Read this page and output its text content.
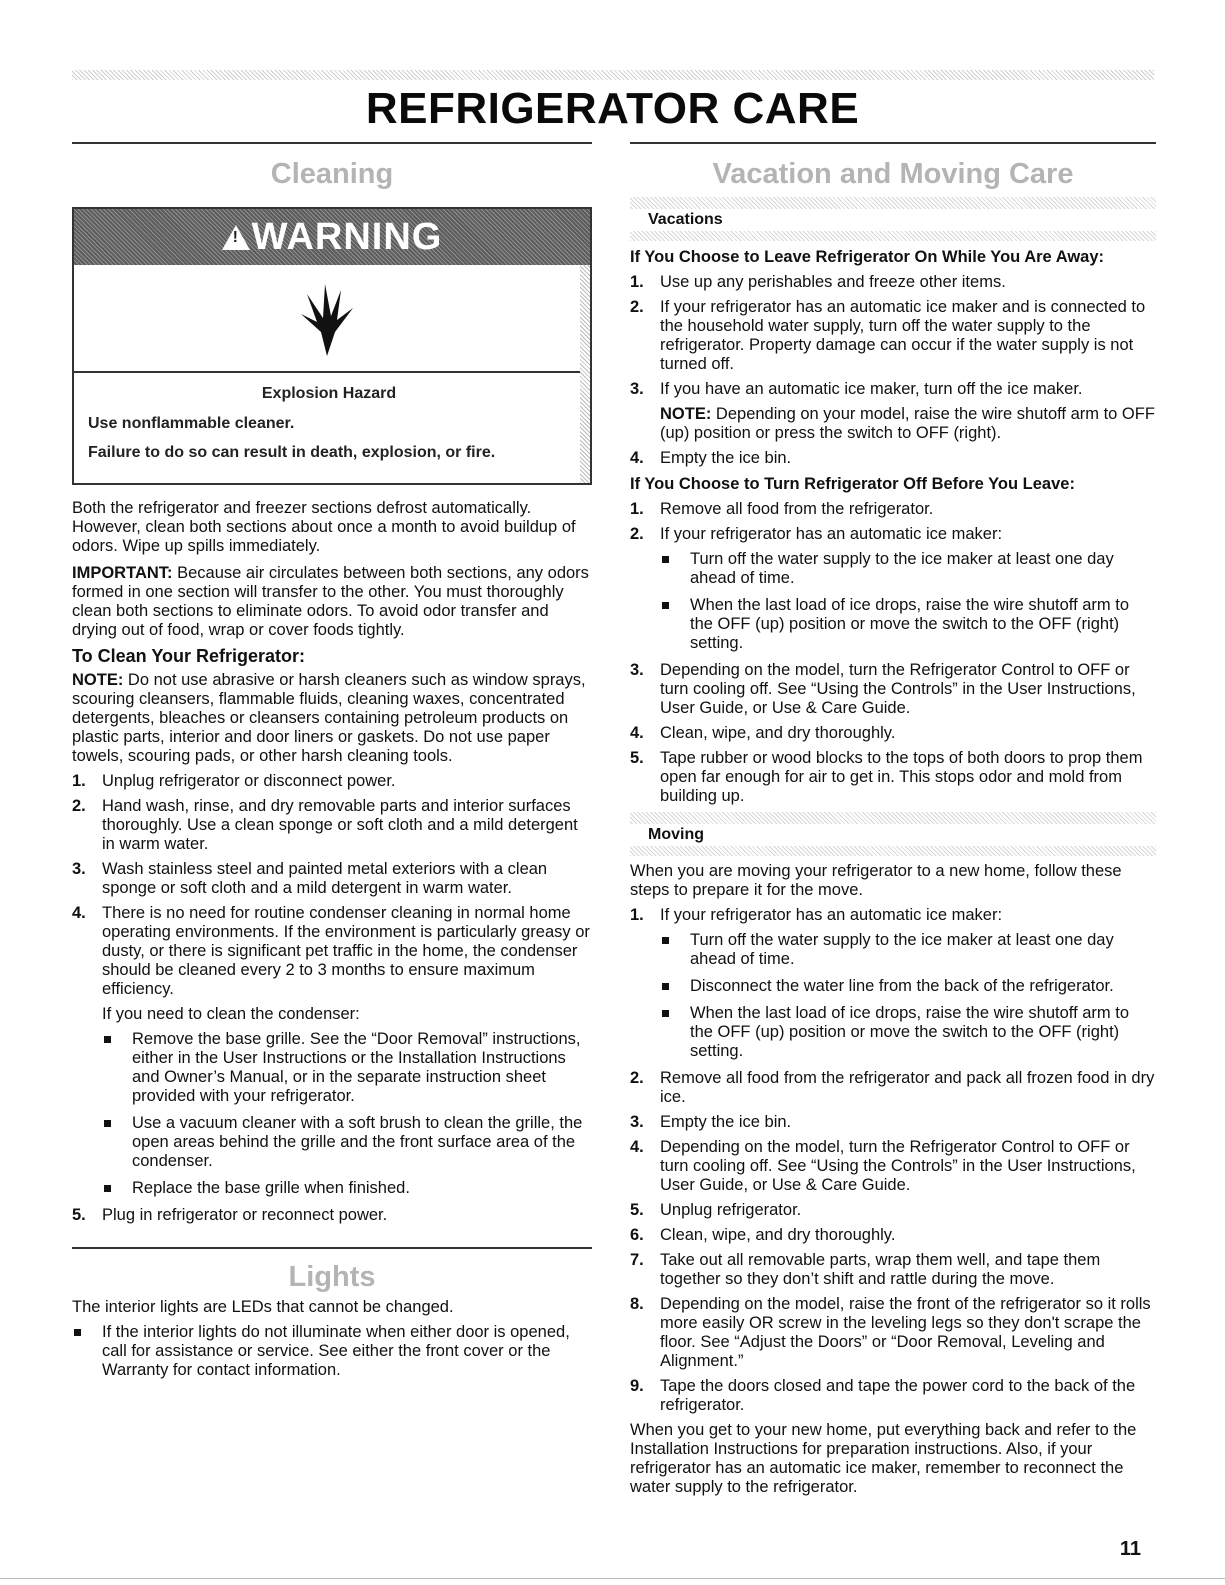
REFRIGERATOR CARE
Cleaning
!
WARNING
Explosion Hazard

Use nonflammable cleaner.

Failure to do so can result in death, explosion, or fire.

Both the refrigerator and freezer sections defrost automatically. However, clean both sections about once a month to avoid buildup of odors. Wipe up spills immediately.

IMPORTANT: Because air circulates between both sections, any odors formed in one section will transfer to the other. You must thoroughly clean both sections to eliminate odors. To avoid odor transfer and drying out of food, wrap or cover foods tightly.

To Clean Your Refrigerator:

NOTE: Do not use abrasive or harsh cleaners such as window sprays, scouring cleansers, flammable fluids, cleaning waxes, concentrated detergents, bleaches or cleansers containing petroleum products on plastic parts, interior and door liners or gaskets. Do not use paper towels, scouring pads, or other harsh cleaning tools.

1. Unplug refrigerator or disconnect power.
2. Hand wash, rinse, and dry removable parts and interior surfaces thoroughly. Use a clean sponge or soft cloth and a mild detergent in warm water.
3. Wash stainless steel and painted metal exteriors with a clean sponge or soft cloth and a mild detergent in warm water.
4. There is no need for routine condenser cleaning in normal home operating environments. If the environment is particularly greasy or dusty, or there is significant pet traffic in the home, the condenser should be cleaned every 2 to 3 months to ensure maximum efficiency.
If you need to clean the condenser:
Remove the base grille. See the “Door Removal” instructions, either in the User Instructions or the Installation Instructions and Owner’s Manual, or in the separate instruction sheet provided with your refrigerator.
Use a vacuum cleaner with a soft brush to clean the grille, the open areas behind the grille and the front surface area of the condenser.
Replace the base grille when finished.
5. Plug in refrigerator or reconnect power.
Lights

The interior lights are LEDs that cannot be changed.

If the interior lights do not illuminate when either door is opened, call for assistance or service. See either the front cover or the Warranty for contact information.
Vacation and Moving Care
Vacations
If You Choose to Leave Refrigerator On While You Are Away:
1. Use up any perishables and freeze other items.
2. If your refrigerator has an automatic ice maker and is connected to the household water supply, turn off the water supply to the refrigerator. Property damage can occur if the water supply is not turned off.
3. If you have an automatic ice maker, turn off the ice maker.
NOTE: Depending on your model, raise the wire shutoff arm to OFF (up) position or press the switch to OFF (right).
4. Empty the ice bin.
If You Choose to Turn Refrigerator Off Before You Leave:
1. Remove all food from the refrigerator.
2. If your refrigerator has an automatic ice maker:
Turn off the water supply to the ice maker at least one day ahead of time.
When the last load of ice drops, raise the wire shutoff arm to the OFF (up) position or move the switch to the OFF (right) setting.
3. Depending on the model, turn the Refrigerator Control to OFF or turn cooling off. See “Using the Controls” in the User Instructions, User Guide, or Use & Care Guide.
4. Clean, wipe, and dry thoroughly.
5. Tape rubber or wood blocks to the tops of both doors to prop them open far enough for air to get in. This stops odor and mold from building up.
Moving

When you are moving your refrigerator to a new home, follow these steps to prepare it for the move.

1. If your refrigerator has an automatic ice maker:
Turn off the water supply to the ice maker at least one day ahead of time.
Disconnect the water line from the back of the refrigerator.
When the last load of ice drops, raise the wire shutoff arm to the OFF (up) position or move the switch to the OFF (right) setting.
2. Remove all food from the refrigerator and pack all frozen food in dry ice.
3. Empty the ice bin.
4. Depending on the model, turn the Refrigerator Control to OFF or turn cooling off. See “Using the Controls” in the User Instructions, User Guide, or Use & Care Guide.
5. Unplug refrigerator.
6. Clean, wipe, and dry thoroughly.
7. Take out all removable parts, wrap them well, and tape them together so they don’t shift and rattle during the move.
8. Depending on the model, raise the front of the refrigerator so it rolls more easily OR screw in the leveling legs so they don't scrape the floor. See “Adjust the Doors” or “Door Removal, Leveling and Alignment.”
9. Tape the doors closed and tape the power cord to the back of the refrigerator.

When you get to your new home, put everything back and refer to the Installation Instructions for preparation instructions. Also, if your refrigerator has an automatic ice maker, remember to reconnect the water supply to the refrigerator.

11
